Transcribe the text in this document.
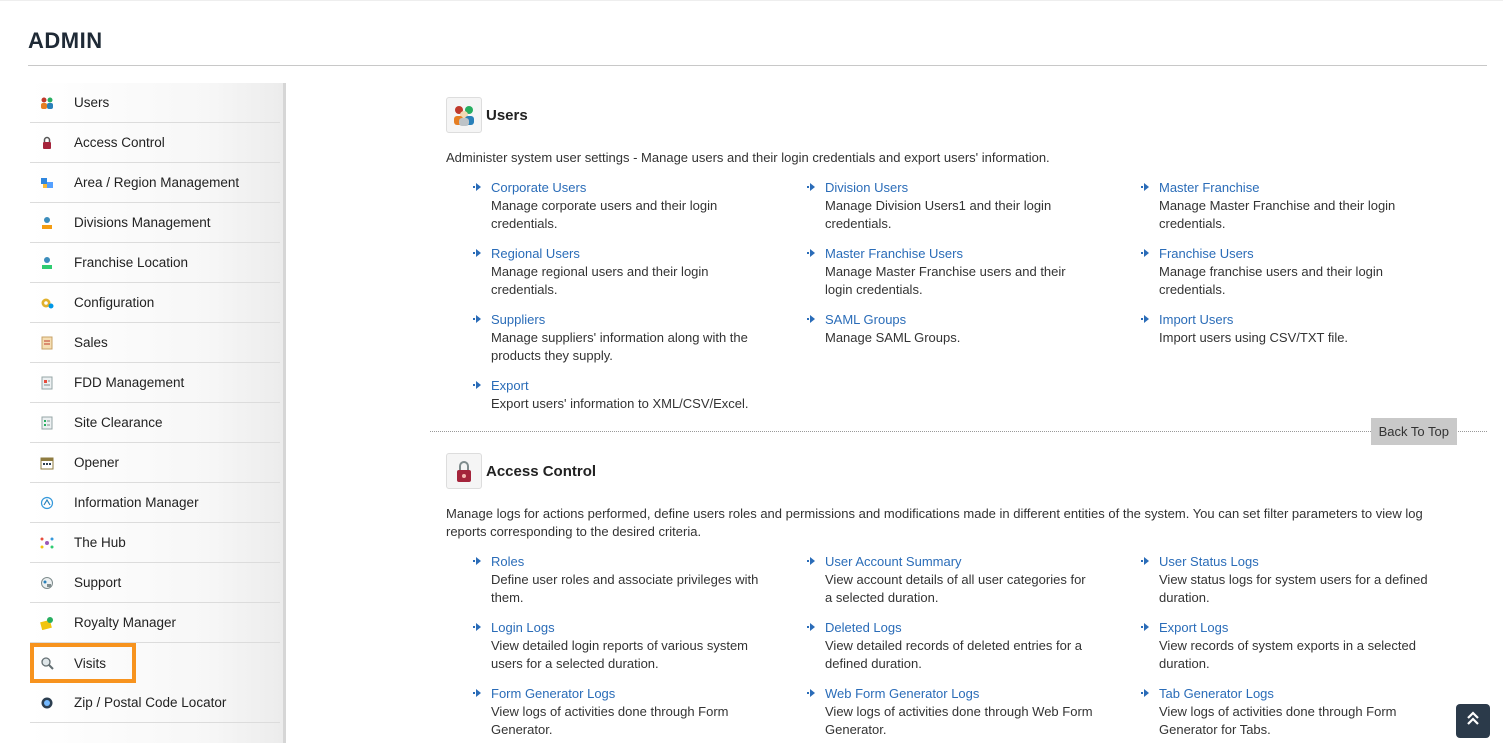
ADMIN
Users
Access Control
Area / Region Management
Divisions Management
Franchise Location
Configuration
Sales
FDD Management
Site Clearance
Opener
Information Manager
The Hub
Support
Royalty Manager
Visits
Zip / Postal Code Locator
Users
Administer system user settings - Manage users and their login credentials and export users' information.
Corporate Users
Manage corporate users and their login credentials.
Division Users
Manage Division Users1 and their login credentials.
Master Franchise
Manage Master Franchise and their login credentials.
Regional Users
Manage regional users and their login credentials.
Master Franchise Users
Manage Master Franchise users and their login credentials.
Franchise Users
Manage franchise users and their login credentials.
Suppliers
Manage suppliers' information along with the products they supply.
SAML Groups
Manage SAML Groups.
Import Users
Import users using CSV/TXT file.
Export
Export users' information to XML/CSV/Excel.
Back To Top
Access Control
Manage logs for actions performed, define users roles and permissions and modifications made in different entities of the system. You can set filter parameters to view log reports corresponding to the desired criteria.
Roles
Define user roles and associate privileges with them.
User Account Summary
View account details of all user categories for a selected duration.
User Status Logs
View status logs for system users for a defined duration.
Login Logs
View detailed login reports of various system users for a selected duration.
Deleted Logs
View detailed records of deleted entries for a defined duration.
Export Logs
View records of system exports in a selected duration.
Form Generator Logs
View logs of activities done through Form Generator.
Web Form Generator Logs
View logs of activities done through Web Form Generator.
Tab Generator Logs
View logs of activities done through Form Generator for Tabs.
